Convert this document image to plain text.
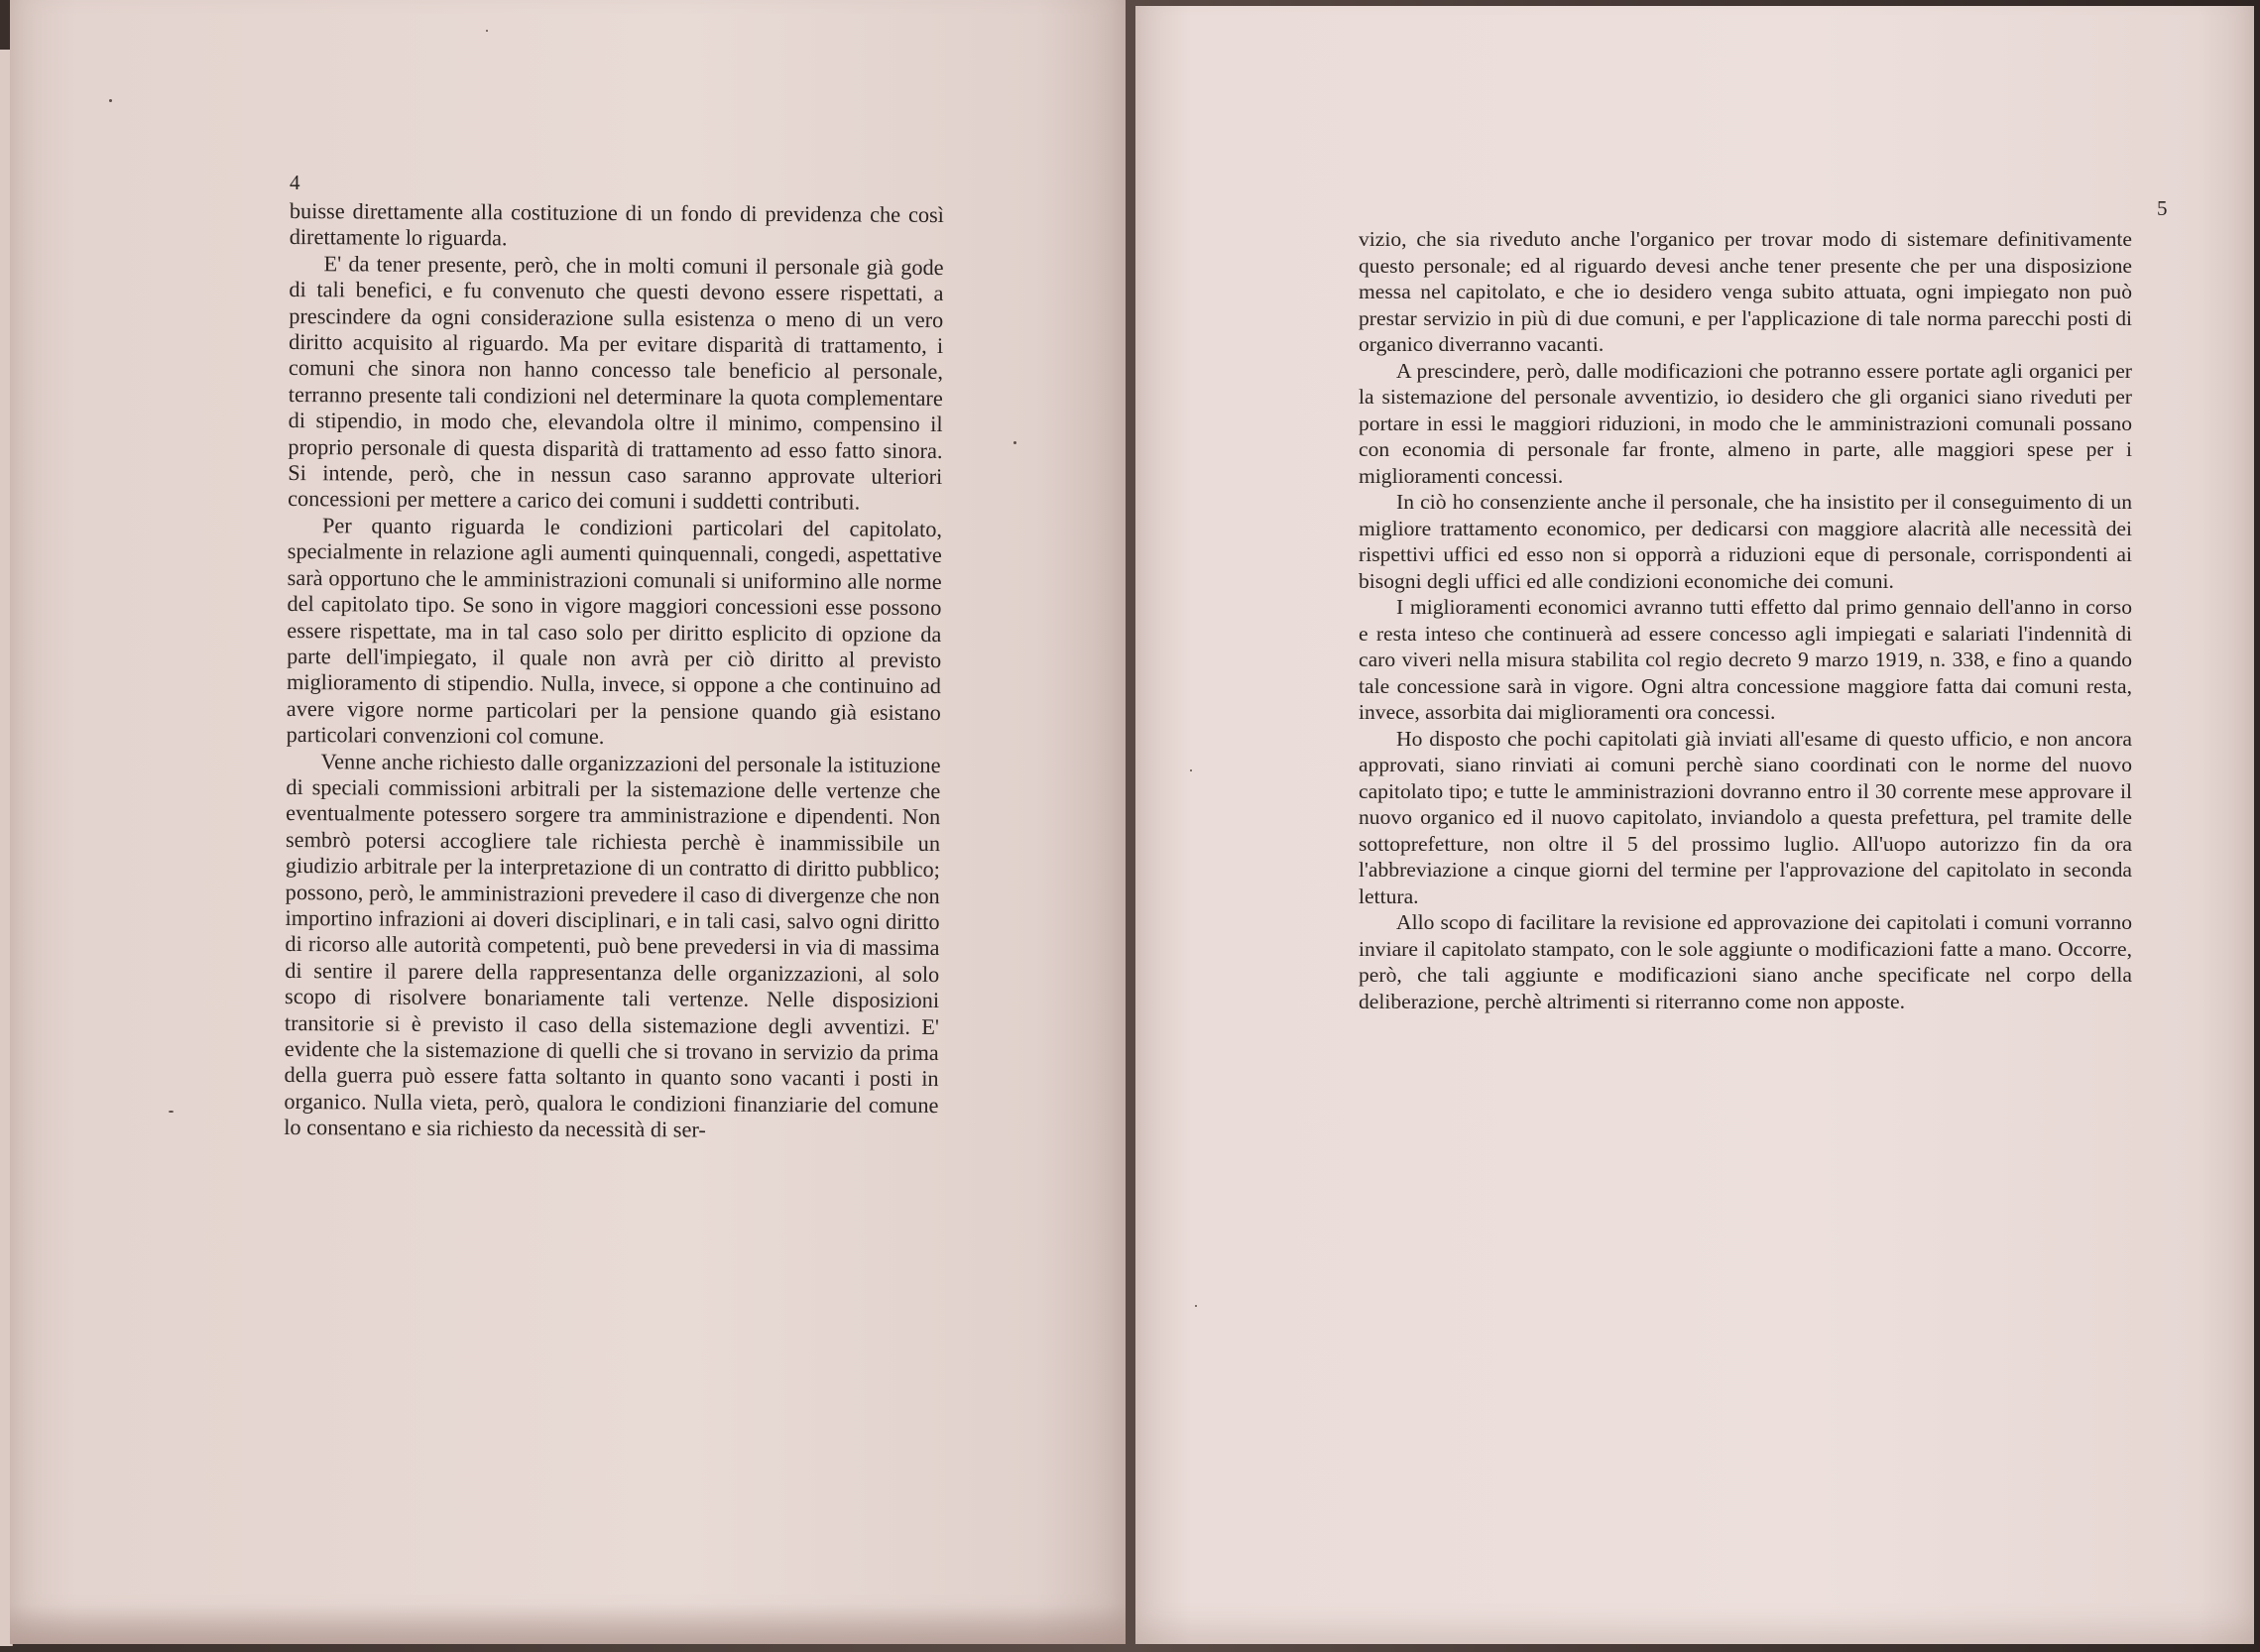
4

buisse direttamente alla costituzione di un fondo di previdenza che così direttamente lo riguarda.

E' da tener presente, però, che in molti comuni il personale già gode di tali benefici, e fu convenuto che questi devono essere rispettati, a prescindere da ogni considerazione sulla esistenza o meno di un vero diritto acquisito al riguardo. Ma per evitare disparità di trattamento, i comuni che sinora non hanno concesso tale beneficio al personale, terranno presente tali condizioni nel determinare la quota complementare di stipendio, in modo che, elevandola oltre il minimo, compensino il proprio personale di questa disparità di trattamento ad esso fatto sinora. Si intende, però, che in nessun caso saranno approvate ulteriori concessioni per mettere a carico dei comuni i suddetti contributi.

Per quanto riguarda le condizioni particolari del capitolato, specialmente in relazione agli aumenti quinquennali, congedi, aspettative sarà opportuno che le amministrazioni comunali si uniformino alle norme del capitolato tipo. Se sono in vigore maggiori concessioni esse possono essere rispettate, ma in tal caso solo per diritto esplicito di opzione da parte dell'impiegato, il quale non avrà per ciò diritto al previsto miglioramento di stipendio. Nulla, invece, si oppone a che continuino ad avere vigore norme particolari per la pensione quando già esistano particolari convenzioni col comune.

Venne anche richiesto dalle organizzazioni del personale la istituzione di speciali commissioni arbitrali per la sistemazione delle vertenze che eventualmente potessero sorgere tra amministrazione e dipendenti. Non sembrò potersi accogliere tale richiesta perchè è inammissibile un giudizio arbitrale per la interpretazione di un contratto di diritto pubblico; possono, però, le amministrazioni prevedere il caso di divergenze che non importino infrazioni ai doveri disciplinari, e in tali casi, salvo ogni diritto di ricorso alle autorità competenti, può bene prevedersi in via di massima di sentire il parere della rappresentanza delle organizzazioni, al solo scopo di risolvere bonariamente tali vertenze. Nelle disposizioni transitorie si è previsto il caso della sistemazione degli avventizi. E' evidente che la sistemazione di quelli che si trovano in servizio da prima della guerra può essere fatta soltanto in quanto sono vacanti i posti in organico. Nulla vieta, però, qualora le condizioni finanziarie del comune lo consentano e sia richiesto da necessità di ser-

5

vizio, che sia riveduto anche l'organico per trovar modo di sistemare definitivamente questo personale; ed al riguardo devesi anche tener presente che per una disposizione messa nel capitolato, e che io desidero venga subito attuata, ogni impiegato non può prestar servizio in più di due comuni, e per l'applicazione di tale norma parecchi posti di organico diverranno vacanti.

A prescindere, però, dalle modificazioni che potranno essere portate agli organici per la sistemazione del personale avventizio, io desidero che gli organici siano riveduti per portare in essi le maggiori riduzioni, in modo che le amministrazioni comunali possano con economia di personale far fronte, almeno in parte, alle maggiori spese per i miglioramenti concessi.

In ciò ho consenziente anche il personale, che ha insistito per il conseguimento di un migliore trattamento economico, per dedicarsi con maggiore alacrità alle necessità dei rispettivi uffici ed esso non si opporrà a riduzioni eque di personale, corrispondenti ai bisogni degli uffici ed alle condizioni economiche dei comuni.

I miglioramenti economici avranno tutti effetto dal primo gennaio dell'anno in corso e resta inteso che continuerà ad essere concesso agli impiegati e salariati l'indennità di caro viveri nella misura stabilita col regio decreto 9 marzo 1919, n. 338, e fino a quando tale concessione sarà in vigore. Ogni altra concessione maggiore fatta dai comuni resta, invece, assorbita dai miglioramenti ora concessi.

Ho disposto che pochi capitolati già inviati all'esame di questo ufficio, e non ancora approvati, siano rinviati ai comuni perchè siano coordinati con le norme del nuovo capitolato tipo; e tutte le amministrazioni dovranno entro il 30 corrente mese approvare il nuovo organico ed il nuovo capitolato, inviandolo a questa prefettura, pel tramite delle sottoprefetture, non oltre il 5 del prossimo luglio. All'uopo autorizzo fin da ora l'abbreviazione a cinque giorni del termine per l'approvazione del capitolato in seconda lettura.

Allo scopo di facilitare la revisione ed approvazione dei capitolati i comuni vorranno inviare il capitolato stampato, con le sole aggiunte o modificazioni fatte a mano. Occorre, però, che tali aggiunte e modificazioni siano anche specificate nel corpo della deliberazione, perchè altrimenti si riterranno come non apposte.
